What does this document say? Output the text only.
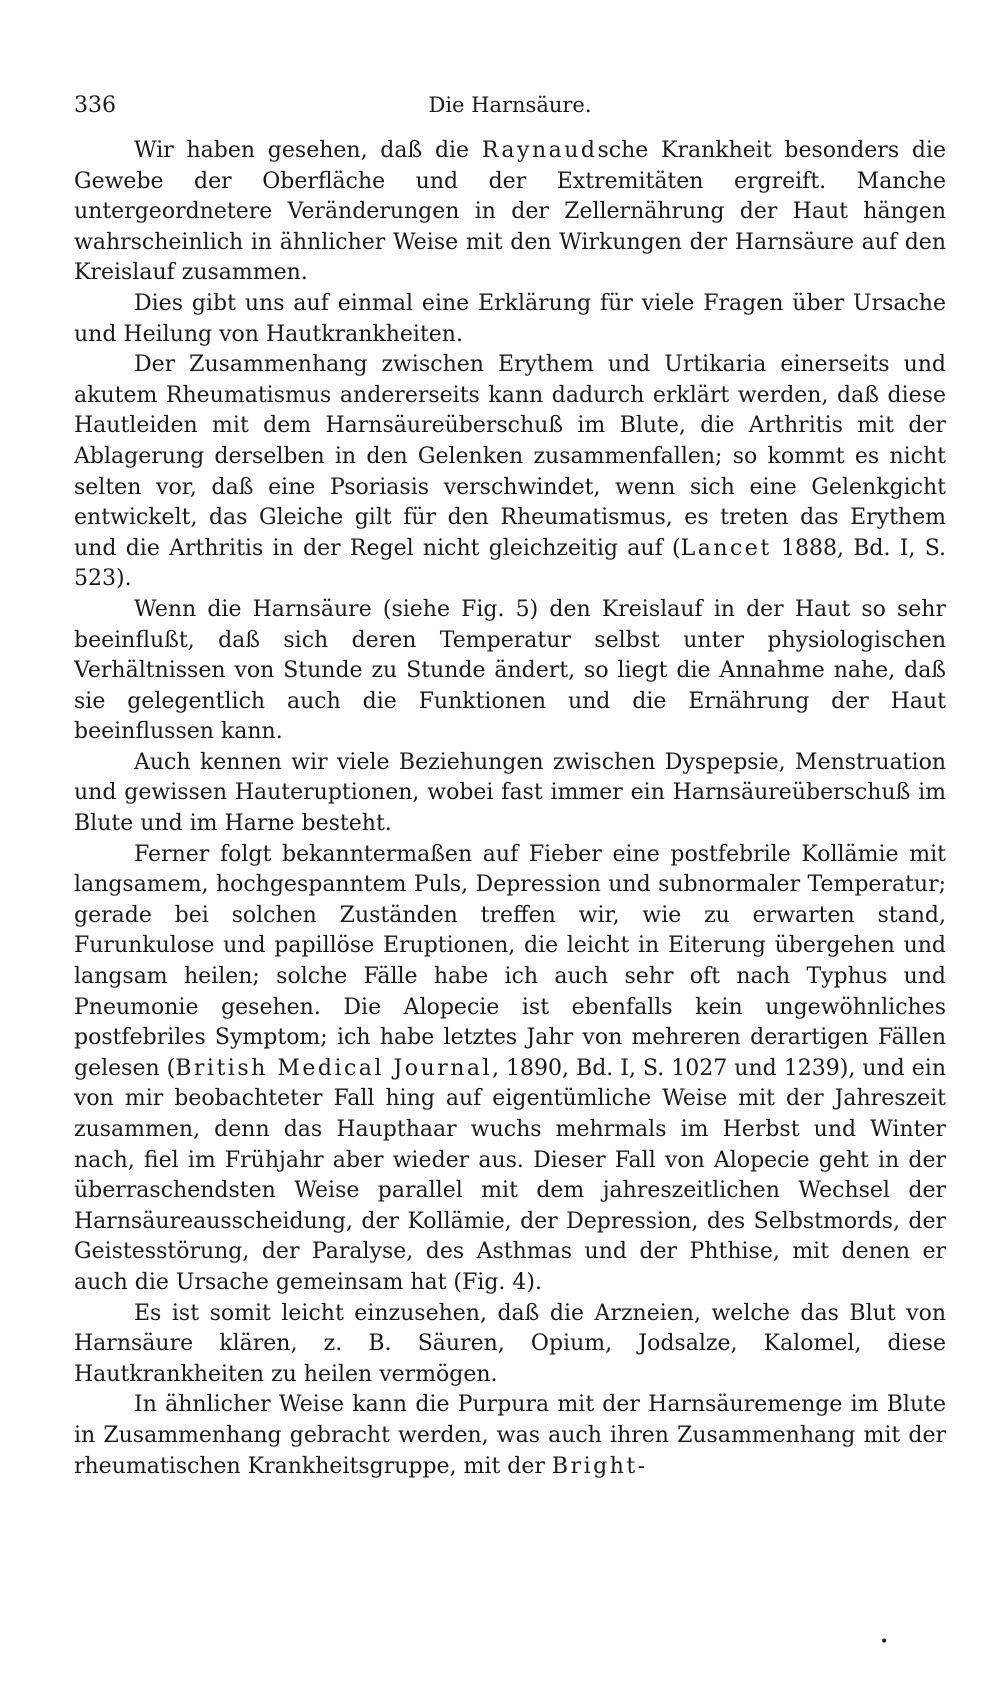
336	Die Harnsäure.

Wir haben gesehen, daß die Raynaudsche Krankheit besonders die Gewebe der Oberfläche und der Extremitäten ergreift. Manche untergeordnetere Veränderungen in der Zellernährung der Haut hängen wahrscheinlich in ähnlicher Weise mit den Wirkungen der Harnsäure auf den Kreislauf zusammen.

Dies gibt uns auf einmal eine Erklärung für viele Fragen über Ursache und Heilung von Hautkrankheiten.

Der Zusammenhang zwischen Erythem und Urtikaria einerseits und akutem Rheumatismus andererseits kann dadurch erklärt werden, daß diese Hautleiden mit dem Harnsäureüberschuß im Blute, die Arthritis mit der Ablagerung derselben in den Gelenken zusammenfallen; so kommt es nicht selten vor, daß eine Psoriasis verschwindet, wenn sich eine Gelenkgicht entwickelt, das Gleiche gilt für den Rheumatismus, es treten das Erythem und die Arthritis in der Regel nicht gleichzeitig auf (Lancet 1888, Bd. I, S. 523).

Wenn die Harnsäure (siehe Fig. 5) den Kreislauf in der Haut so sehr beeinflußt, daß sich deren Temperatur selbst unter physiologischen Verhältnissen von Stunde zu Stunde ändert, so liegt die Annahme nahe, daß sie gelegentlich auch die Funktionen und die Ernährung der Haut beeinflussen kann.

Auch kennen wir viele Beziehungen zwischen Dyspepsie, Menstruation und gewissen Hauteruptionen, wobei fast immer ein Harnsäureüberschuß im Blute und im Harne besteht.

Ferner folgt bekanntermaßen auf Fieber eine postfebrile Kollämie mit langsamem, hochgespanntem Puls, Depression und subnormaler Temperatur; gerade bei solchen Zuständen treffen wir, wie zu erwarten stand, Furunkulose und papillöse Eruptionen, die leicht in Eiterung übergehen und langsam heilen; solche Fälle habe ich auch sehr oft nach Typhus und Pneumonie gesehen. Die Alopecie ist ebenfalls kein ungewöhnliches postfebriles Symptom; ich habe letztes Jahr von mehreren derartigen Fällen gelesen (British Medical Journal, 1890, Bd. I, S. 1027 und 1239), und ein von mir beobachteter Fall hing auf eigentümliche Weise mit der Jahreszeit zusammen, denn das Haupthaar wuchs mehrmals im Herbst und Winter nach, fiel im Frühjahr aber wieder aus. Dieser Fall von Alopecie geht in der überraschendsten Weise parallel mit dem jahreszeitlichen Wechsel der Harnsäureausscheidung, der Kollämie, der Depression, des Selbstmords, der Geistesstörung, der Paralyse, des Asthmas und der Phthise, mit denen er auch die Ursache gemeinsam hat (Fig. 4).

Es ist somit leicht einzusehen, daß die Arzneien, welche das Blut von Harnsäure klären, z. B. Säuren, Opium, Jodsalze, Kalomel, diese Hautkrankheiten zu heilen vermögen.

In ähnlicher Weise kann die Purpura mit der Harnsäuremenge im Blute in Zusammenhang gebracht werden, was auch ihren Zusammenhang mit der rheumatischen Krankheitsgruppe, mit der Bright-

•
